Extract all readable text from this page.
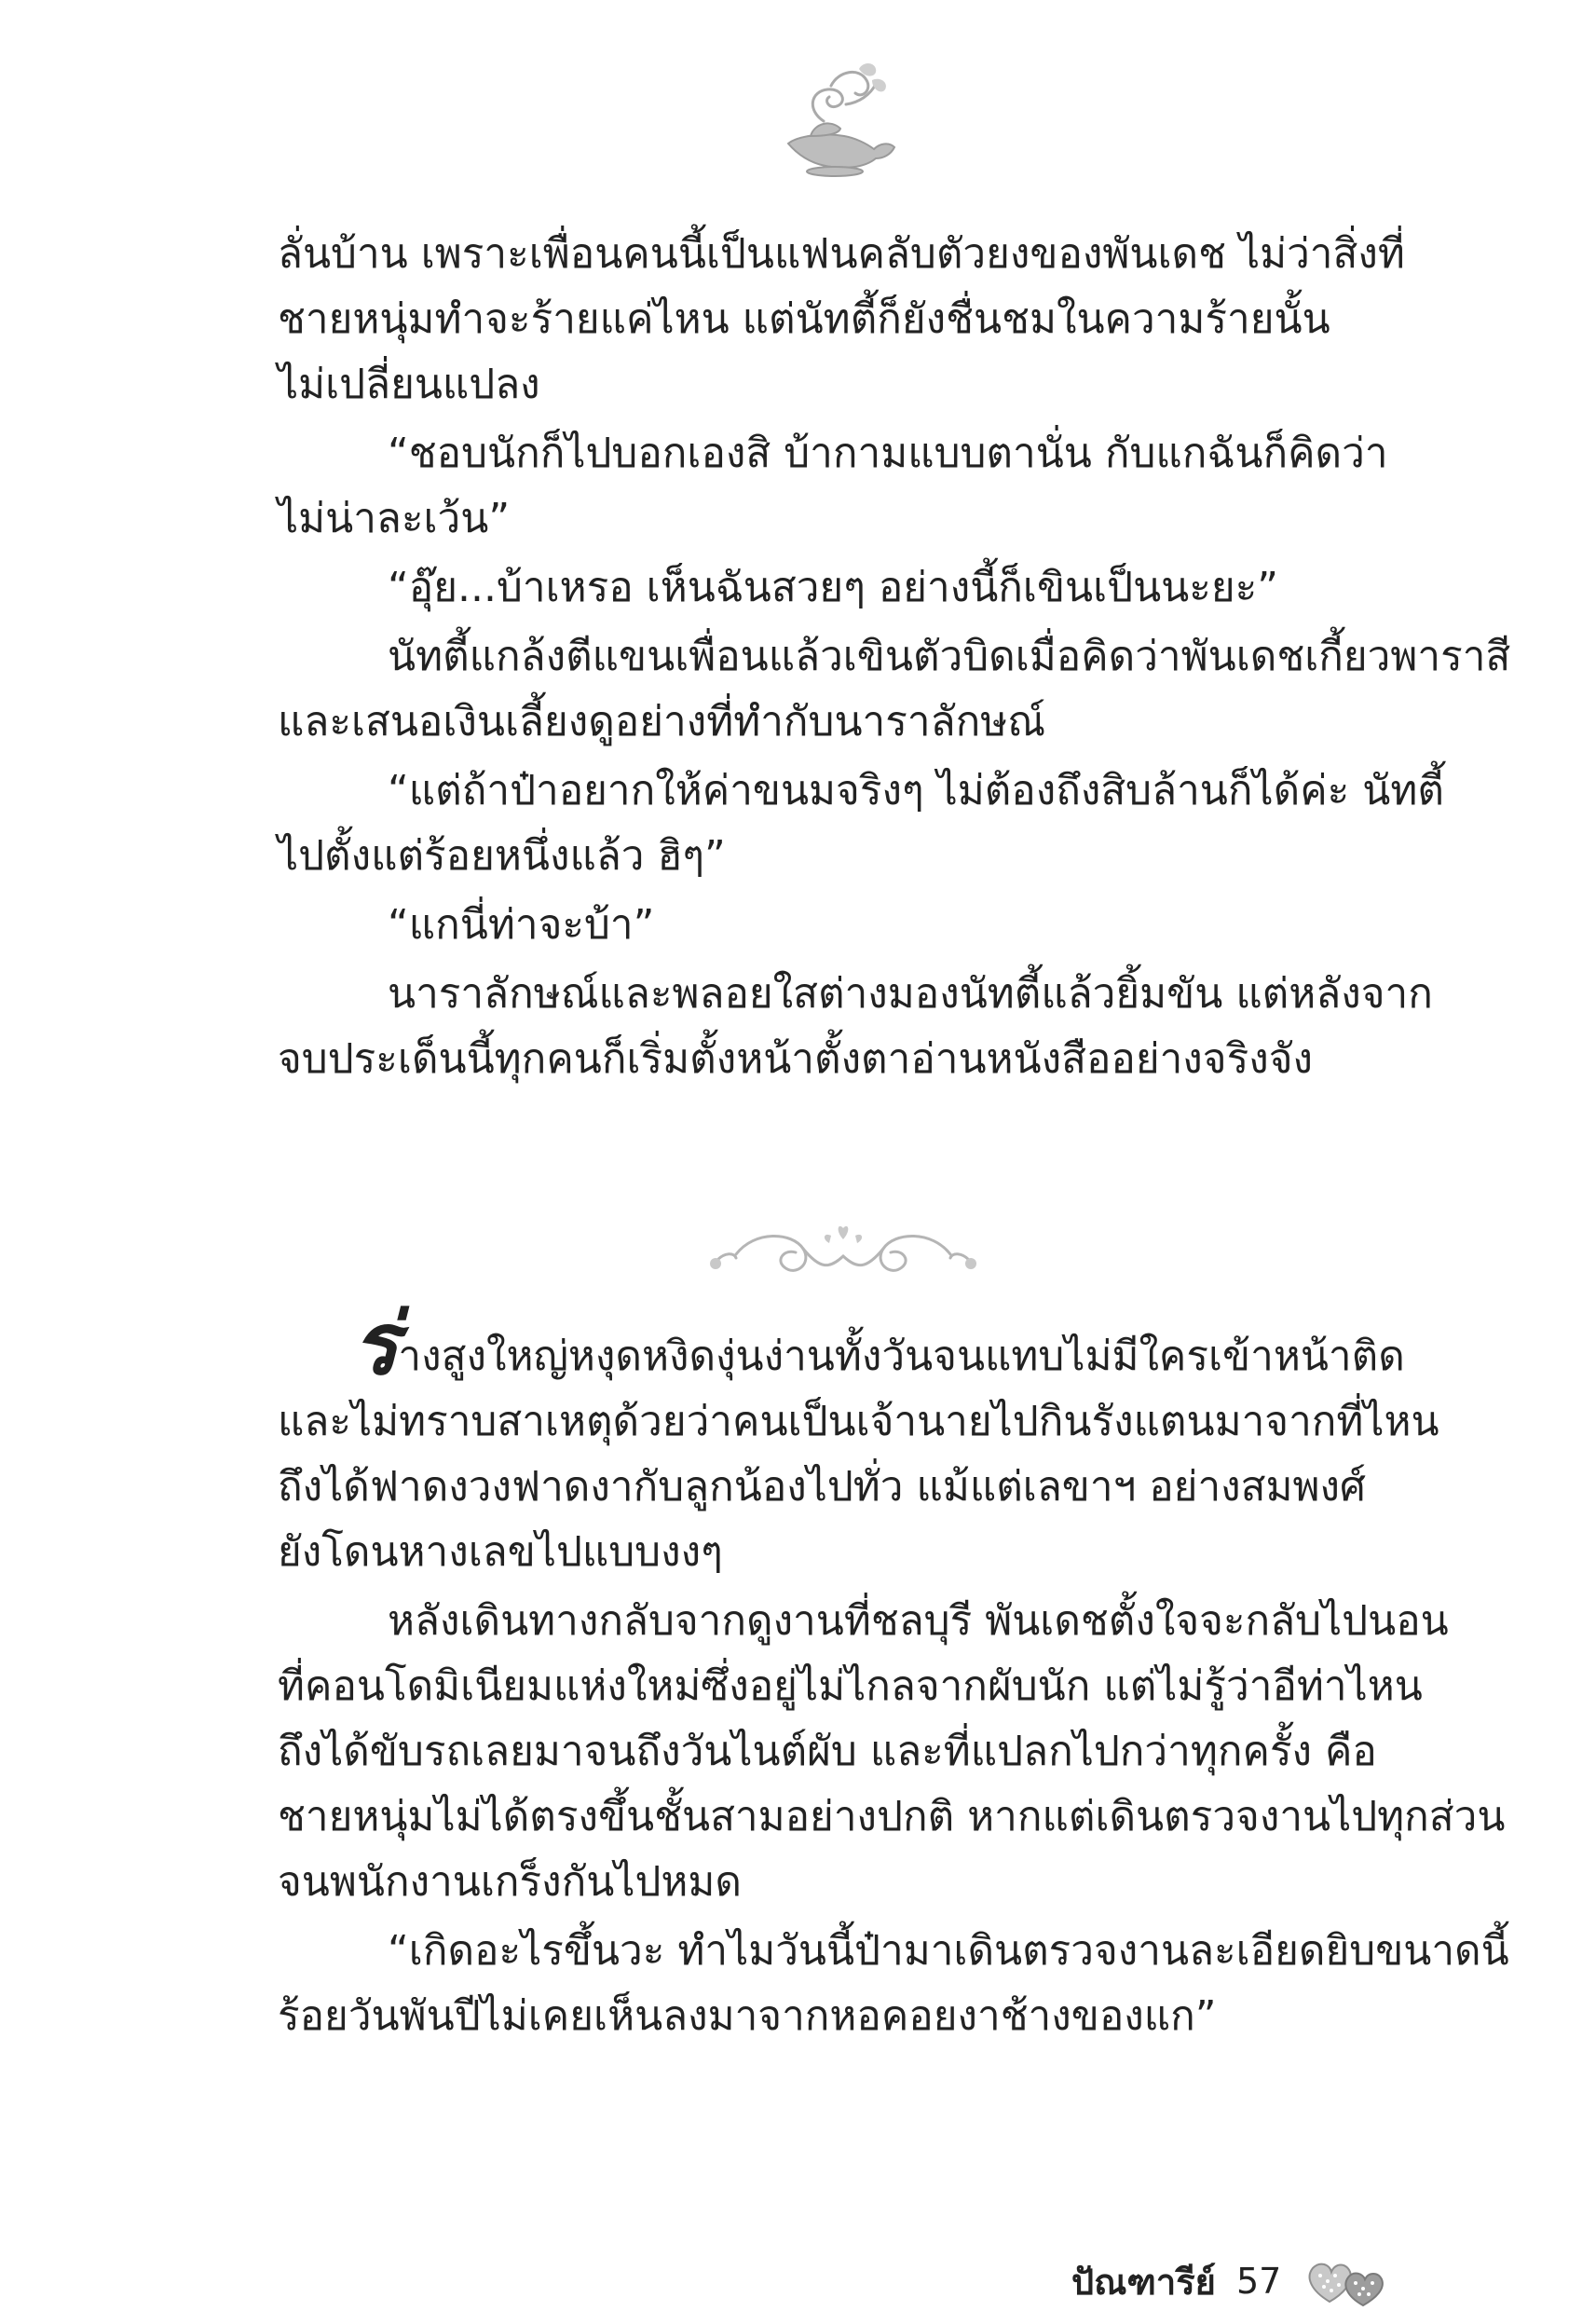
ลั่นบ้าน เพราะเพื่อนคนนี้เป็นแฟนคลับตัวยงของพันเดช ไม่ว่าสิ่งที่
ชายหนุ่มทำจะร้ายแค่ไหน แต่นัทตี้ก็ยังชื่นชมในความร้ายนั้น
ไม่เปลี่ยนแปลง

“ชอบนักก็ไปบอกเองสิ บ้ากามแบบตานั่น กับแกฉันก็คิดว่า
ไม่น่าละเว้น”

“อุ๊ย...บ้าเหรอ เห็นฉันสวยๆ อย่างนี้ก็เขินเป็นนะยะ”

นัทตี้แกล้งตีแขนเพื่อนแล้วเขินตัวบิดเมื่อคิดว่าพันเดชเกี้ยวพาราสี
และเสนอเงินเลี้ยงดูอย่างที่ทำกับนาราลักษณ์

“แต่ถ้าป๋าอยากให้ค่าขนมจริงๆ ไม่ต้องถึงสิบล้านก็ได้ค่ะ นัทตี้
ไปตั้งแต่ร้อยหนึ่งแล้ว ฮิๆ”

“แกนี่ท่าจะบ้า”

นาราลักษณ์และพลอยใสต่างมองนัทตี้แล้วยิ้มขัน แต่หลังจาก
จบประเด็นนี้ทุกคนก็เริ่มตั้งหน้าตั้งตาอ่านหนังสืออย่างจริงจัง

ร่างสูงใหญ่หงุดหงิดงุ่นง่านทั้งวันจนแทบไม่มีใครเข้าหน้าติด
และไม่ทราบสาเหตุด้วยว่าคนเป็นเจ้านายไปกินรังแตนมาจากที่ไหน
ถึงได้ฟาดงวงฟาดงากับลูกน้องไปทั่ว แม้แต่เลขาฯ อย่างสมพงศ์
ยังโดนหางเลขไปแบบงงๆ

หลังเดินทางกลับจากดูงานที่ชลบุรี พันเดชตั้งใจจะกลับไปนอน
ที่คอนโดมิเนียมแห่งใหม่ซึ่งอยู่ไม่ไกลจากผับนัก แต่ไม่รู้ว่าอีท่าไหน
ถึงได้ขับรถเลยมาจนถึงวันไนต์ผับ และที่แปลกไปกว่าทุกครั้ง คือ
ชายหนุ่มไม่ได้ตรงขึ้นชั้นสามอย่างปกติ หากแต่เดินตรวจงานไปทุกส่วน
จนพนักงานเกร็งกันไปหมด

“เกิดอะไรขึ้นวะ ทำไมวันนี้ป๋ามาเดินตรวจงานละเอียดยิบขนาดนี้
ร้อยวันพันปีไม่เคยเห็นลงมาจากหอคอยงาช้างของแก”

ปัณฑารีย์ 57
